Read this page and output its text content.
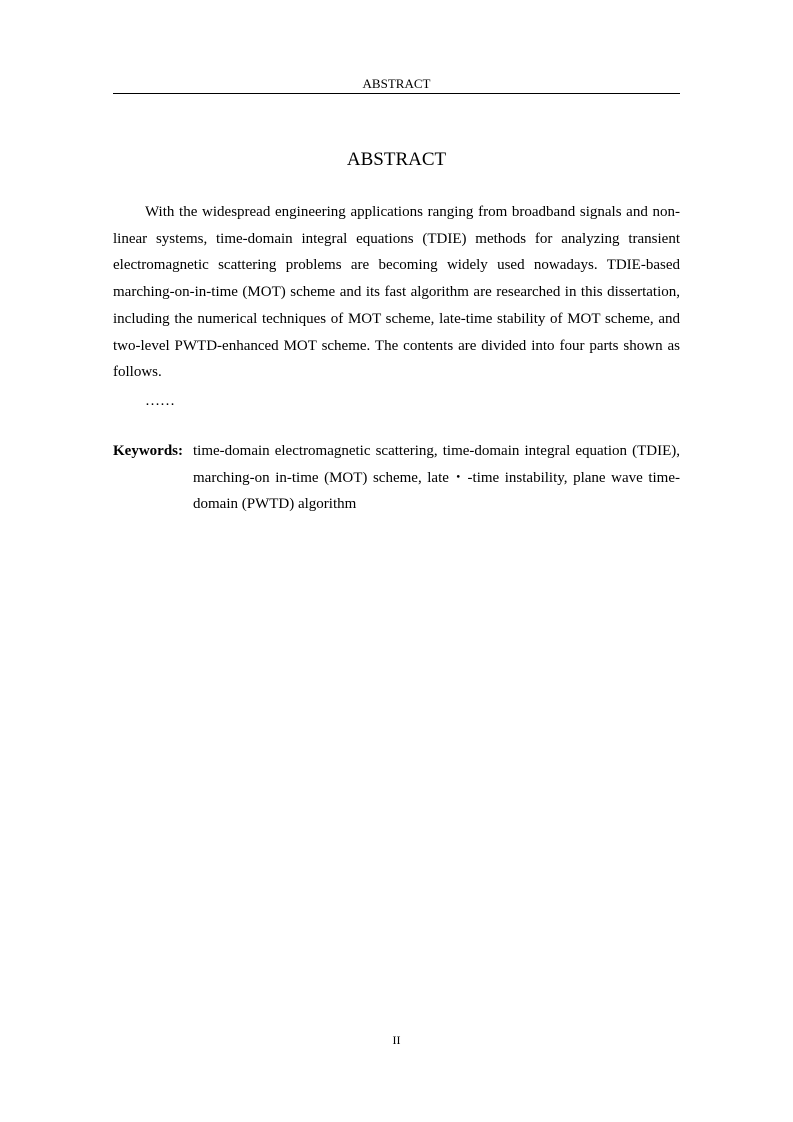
ABSTRACT
ABSTRACT

With the widespread engineering applications ranging from broadband signals and non-linear systems, time-domain integral equations (TDIE) methods for analyzing transient electromagnetic scattering problems are becoming widely used nowadays. TDIE-based marching-on-in-time (MOT) scheme and its fast algorithm are researched in this dissertation, including the numerical techniques of MOT scheme, late-time stability of MOT scheme, and two-level PWTD-enhanced MOT scheme. The contents are divided into four parts shown as follows.

……
Keywords: time-domain electromagnetic scattering, time-domain integral equation (TDIE), marching-on in-time (MOT) scheme, late・-time instability, plane wave time-domain (PWTD) algorithm

II
